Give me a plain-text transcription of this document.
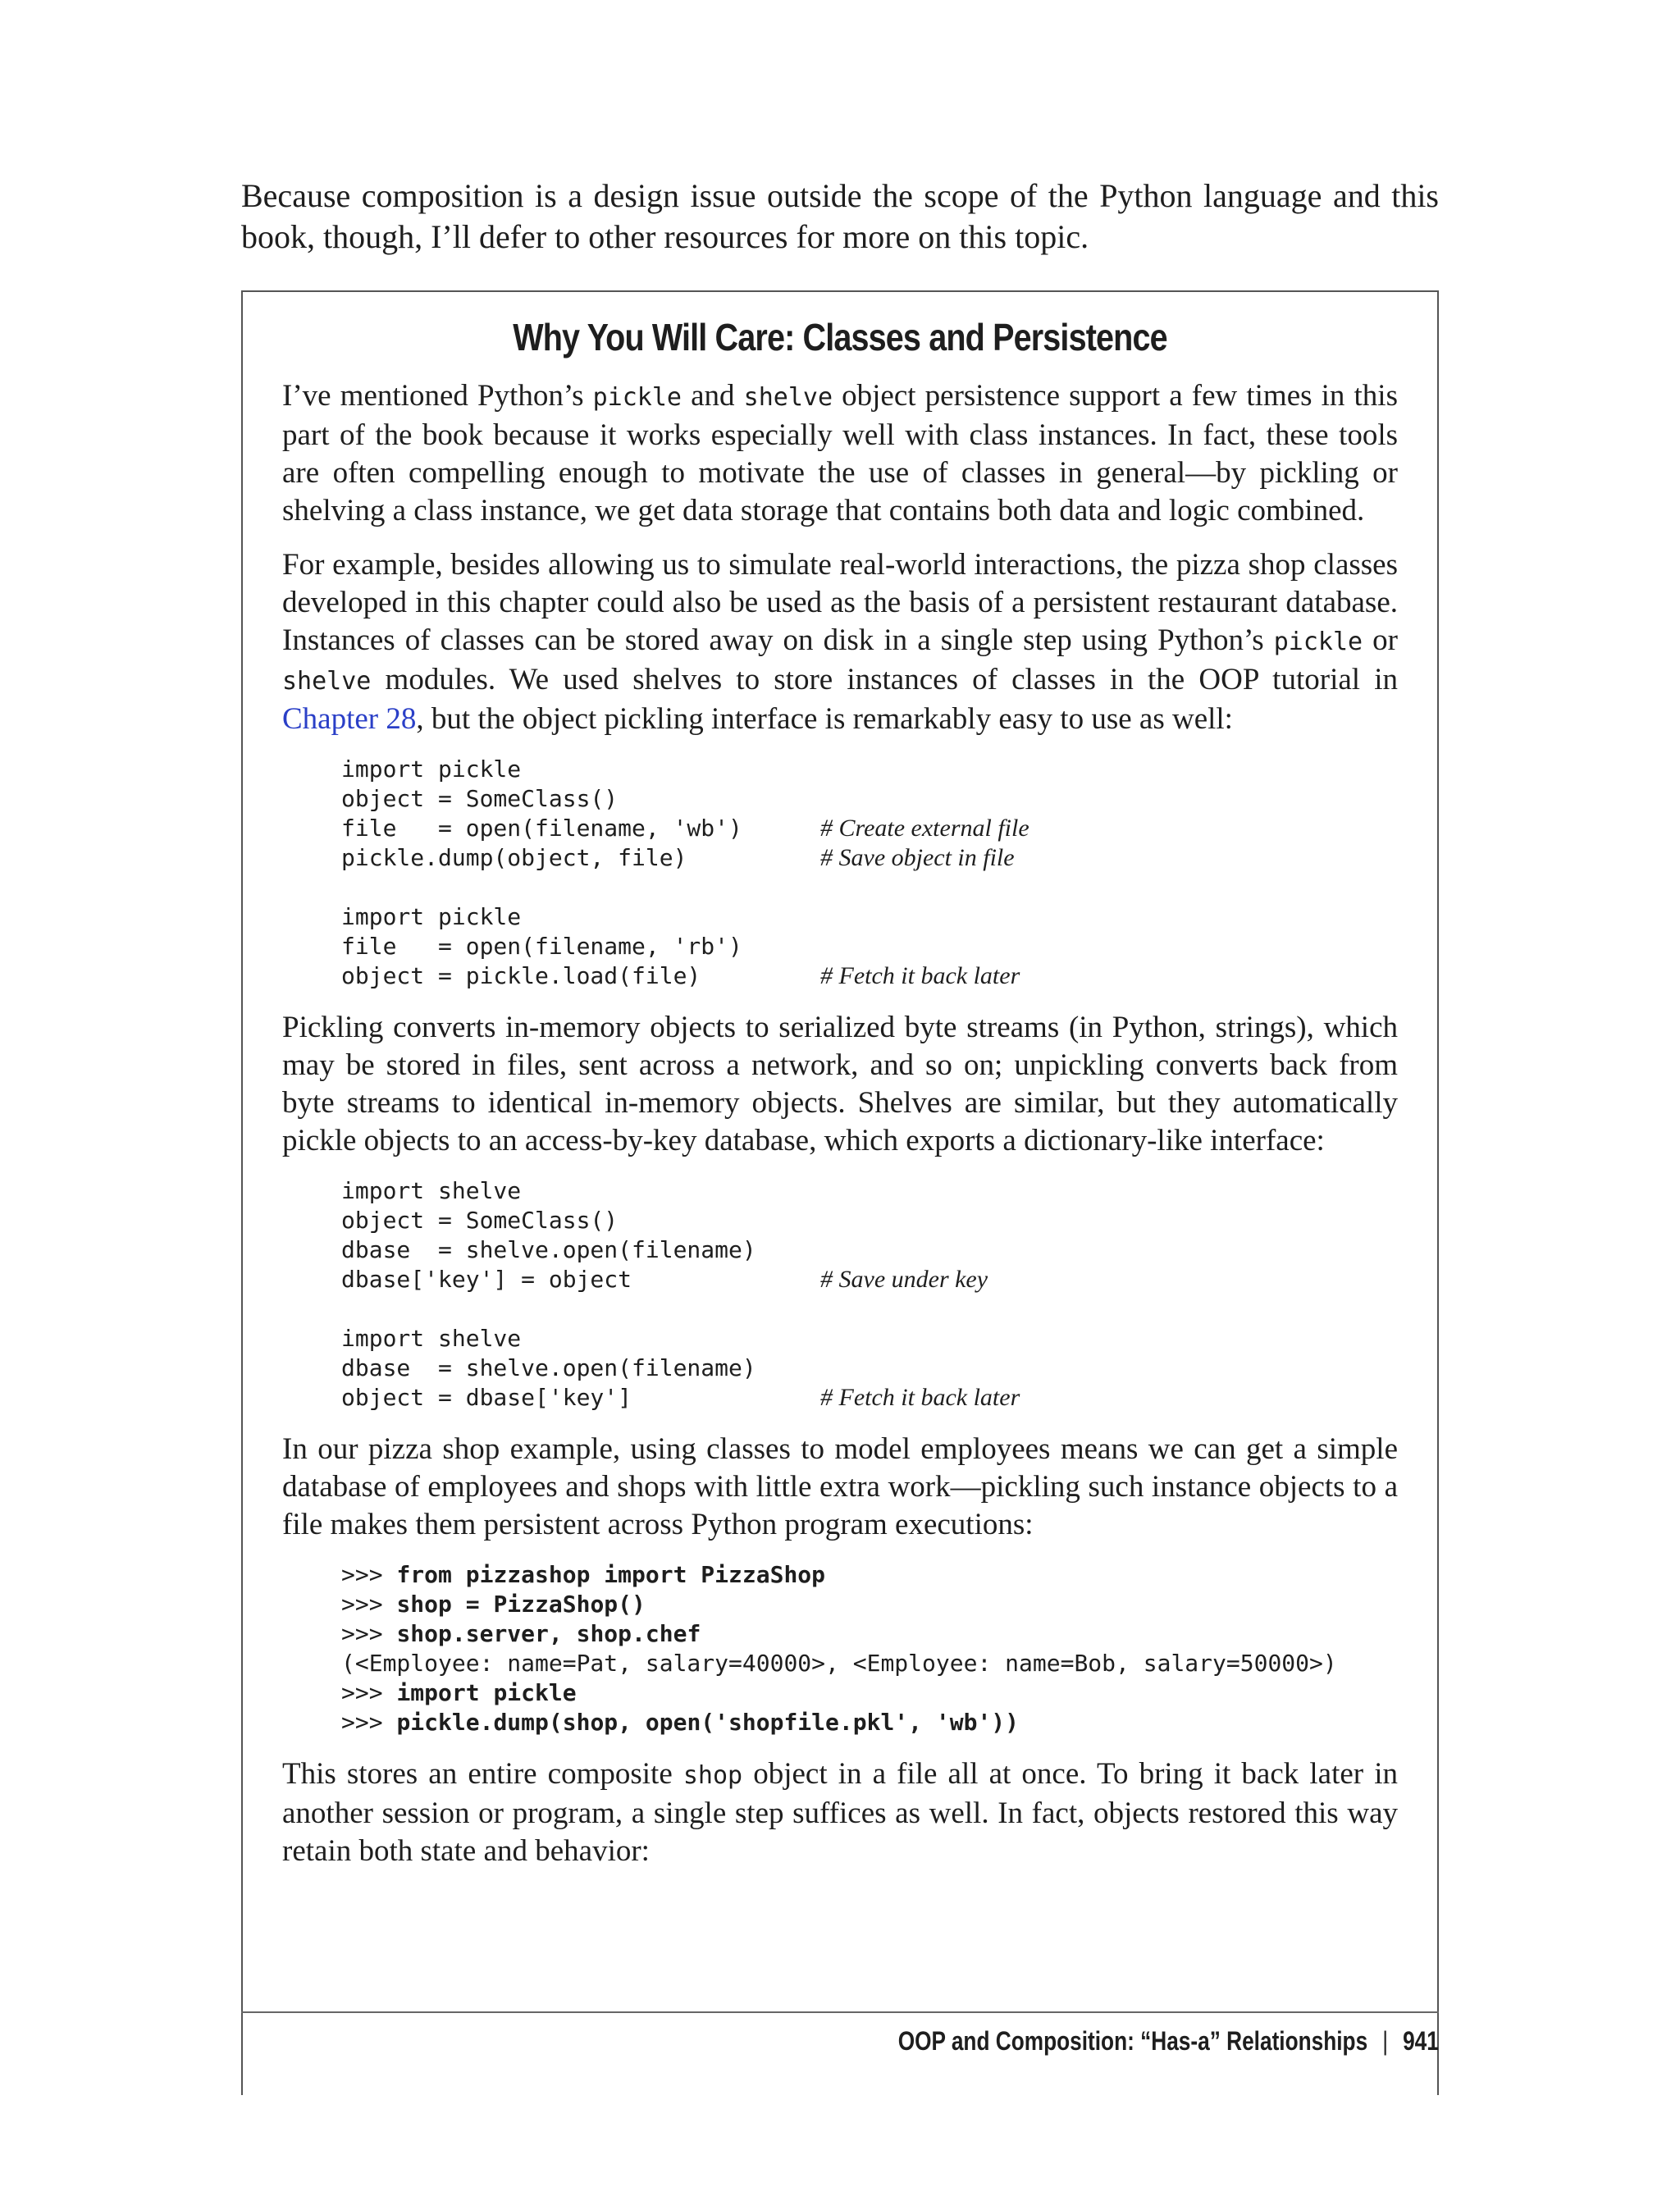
Because composition is a design issue outside the scope of the Python language and this book, though, I’ll defer to other resources for more on this topic.

Why You Will Care: Classes and Persistence

I’ve mentioned Python’s pickle and shelve object persistence support a few times in this part of the book because it works especially well with class instances. In fact, these tools are often compelling enough to motivate the use of classes in general—by pickling or shelving a class instance, we get data storage that contains both data and logic combined.

For example, besides allowing us to simulate real-world interactions, the pizza shop classes developed in this chapter could also be used as the basis of a persistent restaurant database. Instances of classes can be stored away on disk in a single step using Python’s pickle or shelve modules. We used shelves to store instances of classes in the OOP tutorial in Chapter 28, but the object pickling interface is remarkably easy to use as well:

import pickle
object = SomeClass()
file   = open(filename, 'wb')	# Create external file
pickle.dump(object, file)	# Save object in file
import pickle
file   = open(filename, 'rb')
object = pickle.load(file)	# Fetch it back later

Pickling converts in-memory objects to serialized byte streams (in Python, strings), which may be stored in files, sent across a network, and so on; unpickling converts back from byte streams to identical in-memory objects. Shelves are similar, but they automatically pickle objects to an access-by-key database, which exports a dictionary-like interface:

import shelve
object = SomeClass()
dbase  = shelve.open(filename)
dbase['key'] = object	# Save under key
import shelve
dbase  = shelve.open(filename)
object = dbase['key']	# Fetch it back later

In our pizza shop example, using classes to model employees means we can get a simple database of employees and shops with little extra work—pickling such instance objects to a file makes them persistent across Python program executions:

>>> from pizzashop import PizzaShop
>>> shop = PizzaShop()
>>> shop.server, shop.chef
(<Employee: name=Pat, salary=40000>, <Employee: name=Bob, salary=50000>)
>>> import pickle
>>> pickle.dump(shop, open('shopfile.pkl', 'wb'))

This stores an entire composite shop object in a file all at once. To bring it back later in another session or program, a single step suffices as well. In fact, objects restored this way retain both state and behavior:

OOP and Composition: “Has-a” Relationships | 941
